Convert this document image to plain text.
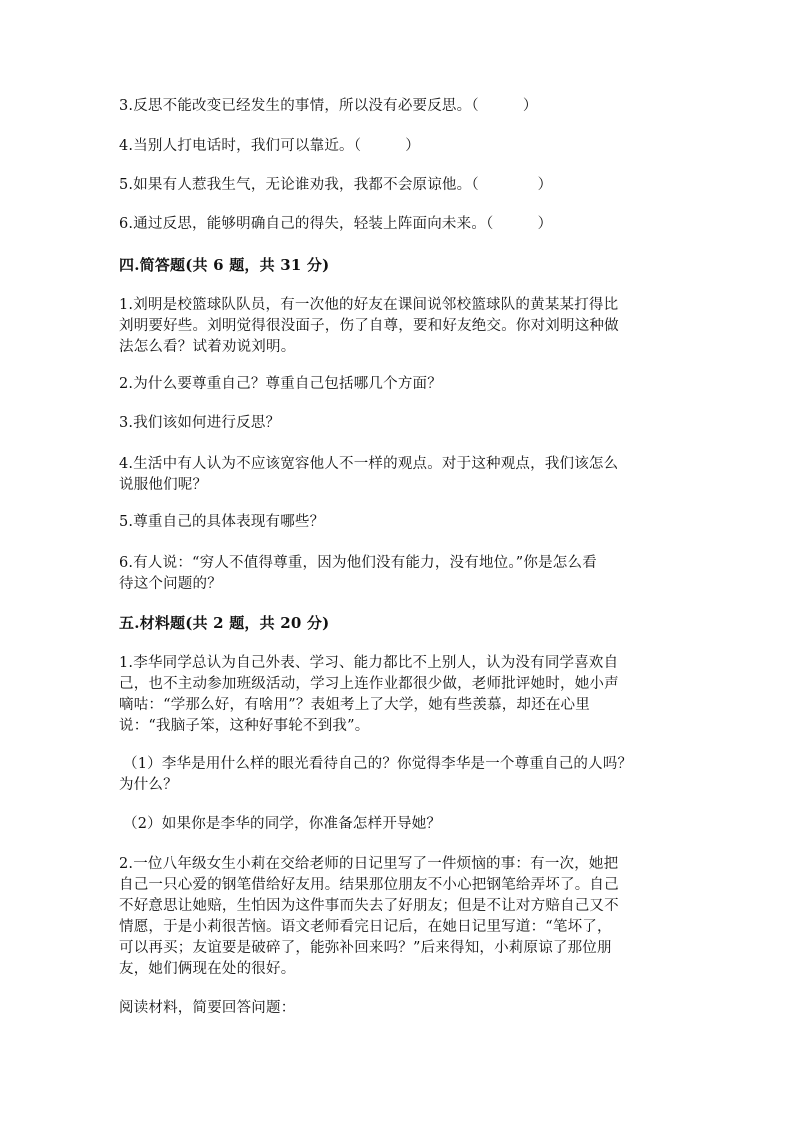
3.反思不能改变已经发生的事情，所以没有必要反思。（　　　）
4.当别人打电话时，我们可以靠近。（　　　）
5.如果有人惹我生气，无论谁劝我，我都不会原谅他。（　　　　）
6.通过反思，能够明确自己的得失，轻装上阵面向未来。（　　　）
四.简答题(共 6 题，共 31 分)
1.刘明是校篮球队队员，有一次他的好友在课间说邻校篮球队的黄某某打得比
刘明要好些。刘明觉得很没面子，伤了自尊，要和好友绝交。你对刘明这种做
法怎么看？试着劝说刘明。
2.为什么要尊重自己？尊重自己包括哪几个方面？
3.我们该如何进行反思？
4.生活中有人认为不应该宽容他人不一样的观点。对于这种观点，我们该怎么
说服他们呢？
5.尊重自己的具体表现有哪些？
6.有人说：“穷人不值得尊重，因为他们没有能力，没有地位。”你是怎么看
待这个问题的？
五.材料题(共 2 题，共 20 分)
1.李华同学总认为自己外表、学习、能力都比不上别人，认为没有同学喜欢自
己，也不主动参加班级活动，学习上连作业都很少做，老师批评她时，她小声
嘀咕：“学那么好，有啥用”？表姐考上了大学，她有些羡慕，却还在心里
说：“我脑子笨，这种好事轮不到我”。
（1）李华是用什么样的眼光看待自己的？你觉得李华是一个尊重自己的人吗？
为什么？
（2）如果你是李华的同学，你准备怎样开导她？
2.一位八年级女生小莉在交给老师的日记里写了一件烦恼的事：有一次，她把
自己一只心爱的钢笔借给好友用。结果那位朋友不小心把钢笔给弄坏了。自己
不好意思让她赔，生怕因为这件事而失去了好朋友；但是不让对方赔自己又不
情愿，于是小莉很苦恼。语文老师看完日记后，在她日记里写道：“笔坏了，
可以再买；友谊要是破碎了，能弥补回来吗？”后来得知，小莉原谅了那位朋
友，她们俩现在处的很好。
阅读材料，简要回答问题：
